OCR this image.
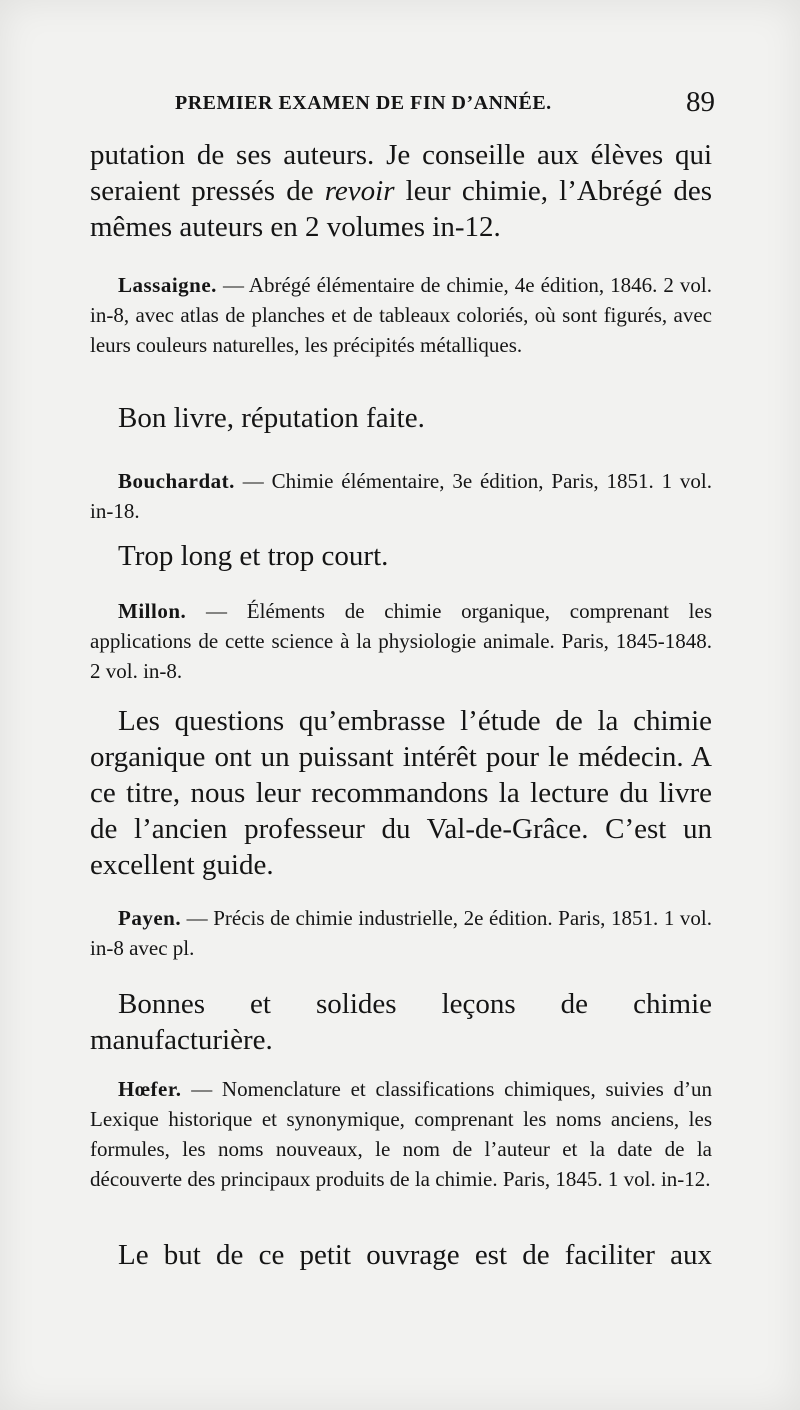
PREMIER EXAMEN DE FIN D’ANNÉE.	89

putation de ses auteurs. Je conseille aux élèves qui seraient pressés de revoir leur chimie, l’Abrégé des mêmes auteurs en 2 volumes in-12.

Lassaigne. — Abrégé élémentaire de chimie, 4e édition, 1846. 2 vol. in-8, avec atlas de planches et de tableaux coloriés, où sont figurés, avec leurs couleurs naturelles, les précipités métalliques.

Bon livre, réputation faite.

Bouchardat. — Chimie élémentaire, 3e édition, Paris, 1851. 1 vol. in-18.

Trop long et trop court.

Millon. — Éléments de chimie organique, comprenant les applications de cette science à la physiologie animale. Paris, 1845-1848. 2 vol. in-8.

Les questions qu’embrasse l’étude de la chimie organique ont un puissant intérêt pour le médecin. A ce titre, nous leur recommandons la lecture du livre de l’ancien professeur du Val-de-Grâce. C’est un excellent guide.

Payen. — Précis de chimie industrielle, 2e édition. Paris, 1851. 1 vol. in-8 avec pl.

Bonnes et solides leçons de chimie manufacturière.

Hœfer. — Nomenclature et classifications chimiques, suivies d’un Lexique historique et synonymique, comprenant les noms anciens, les formules, les noms nouveaux, le nom de l’auteur et la date de la découverte des principaux produits de la chimie. Paris, 1845. 1 vol. in-12.

Le but de ce petit ouvrage est de faciliter aux
